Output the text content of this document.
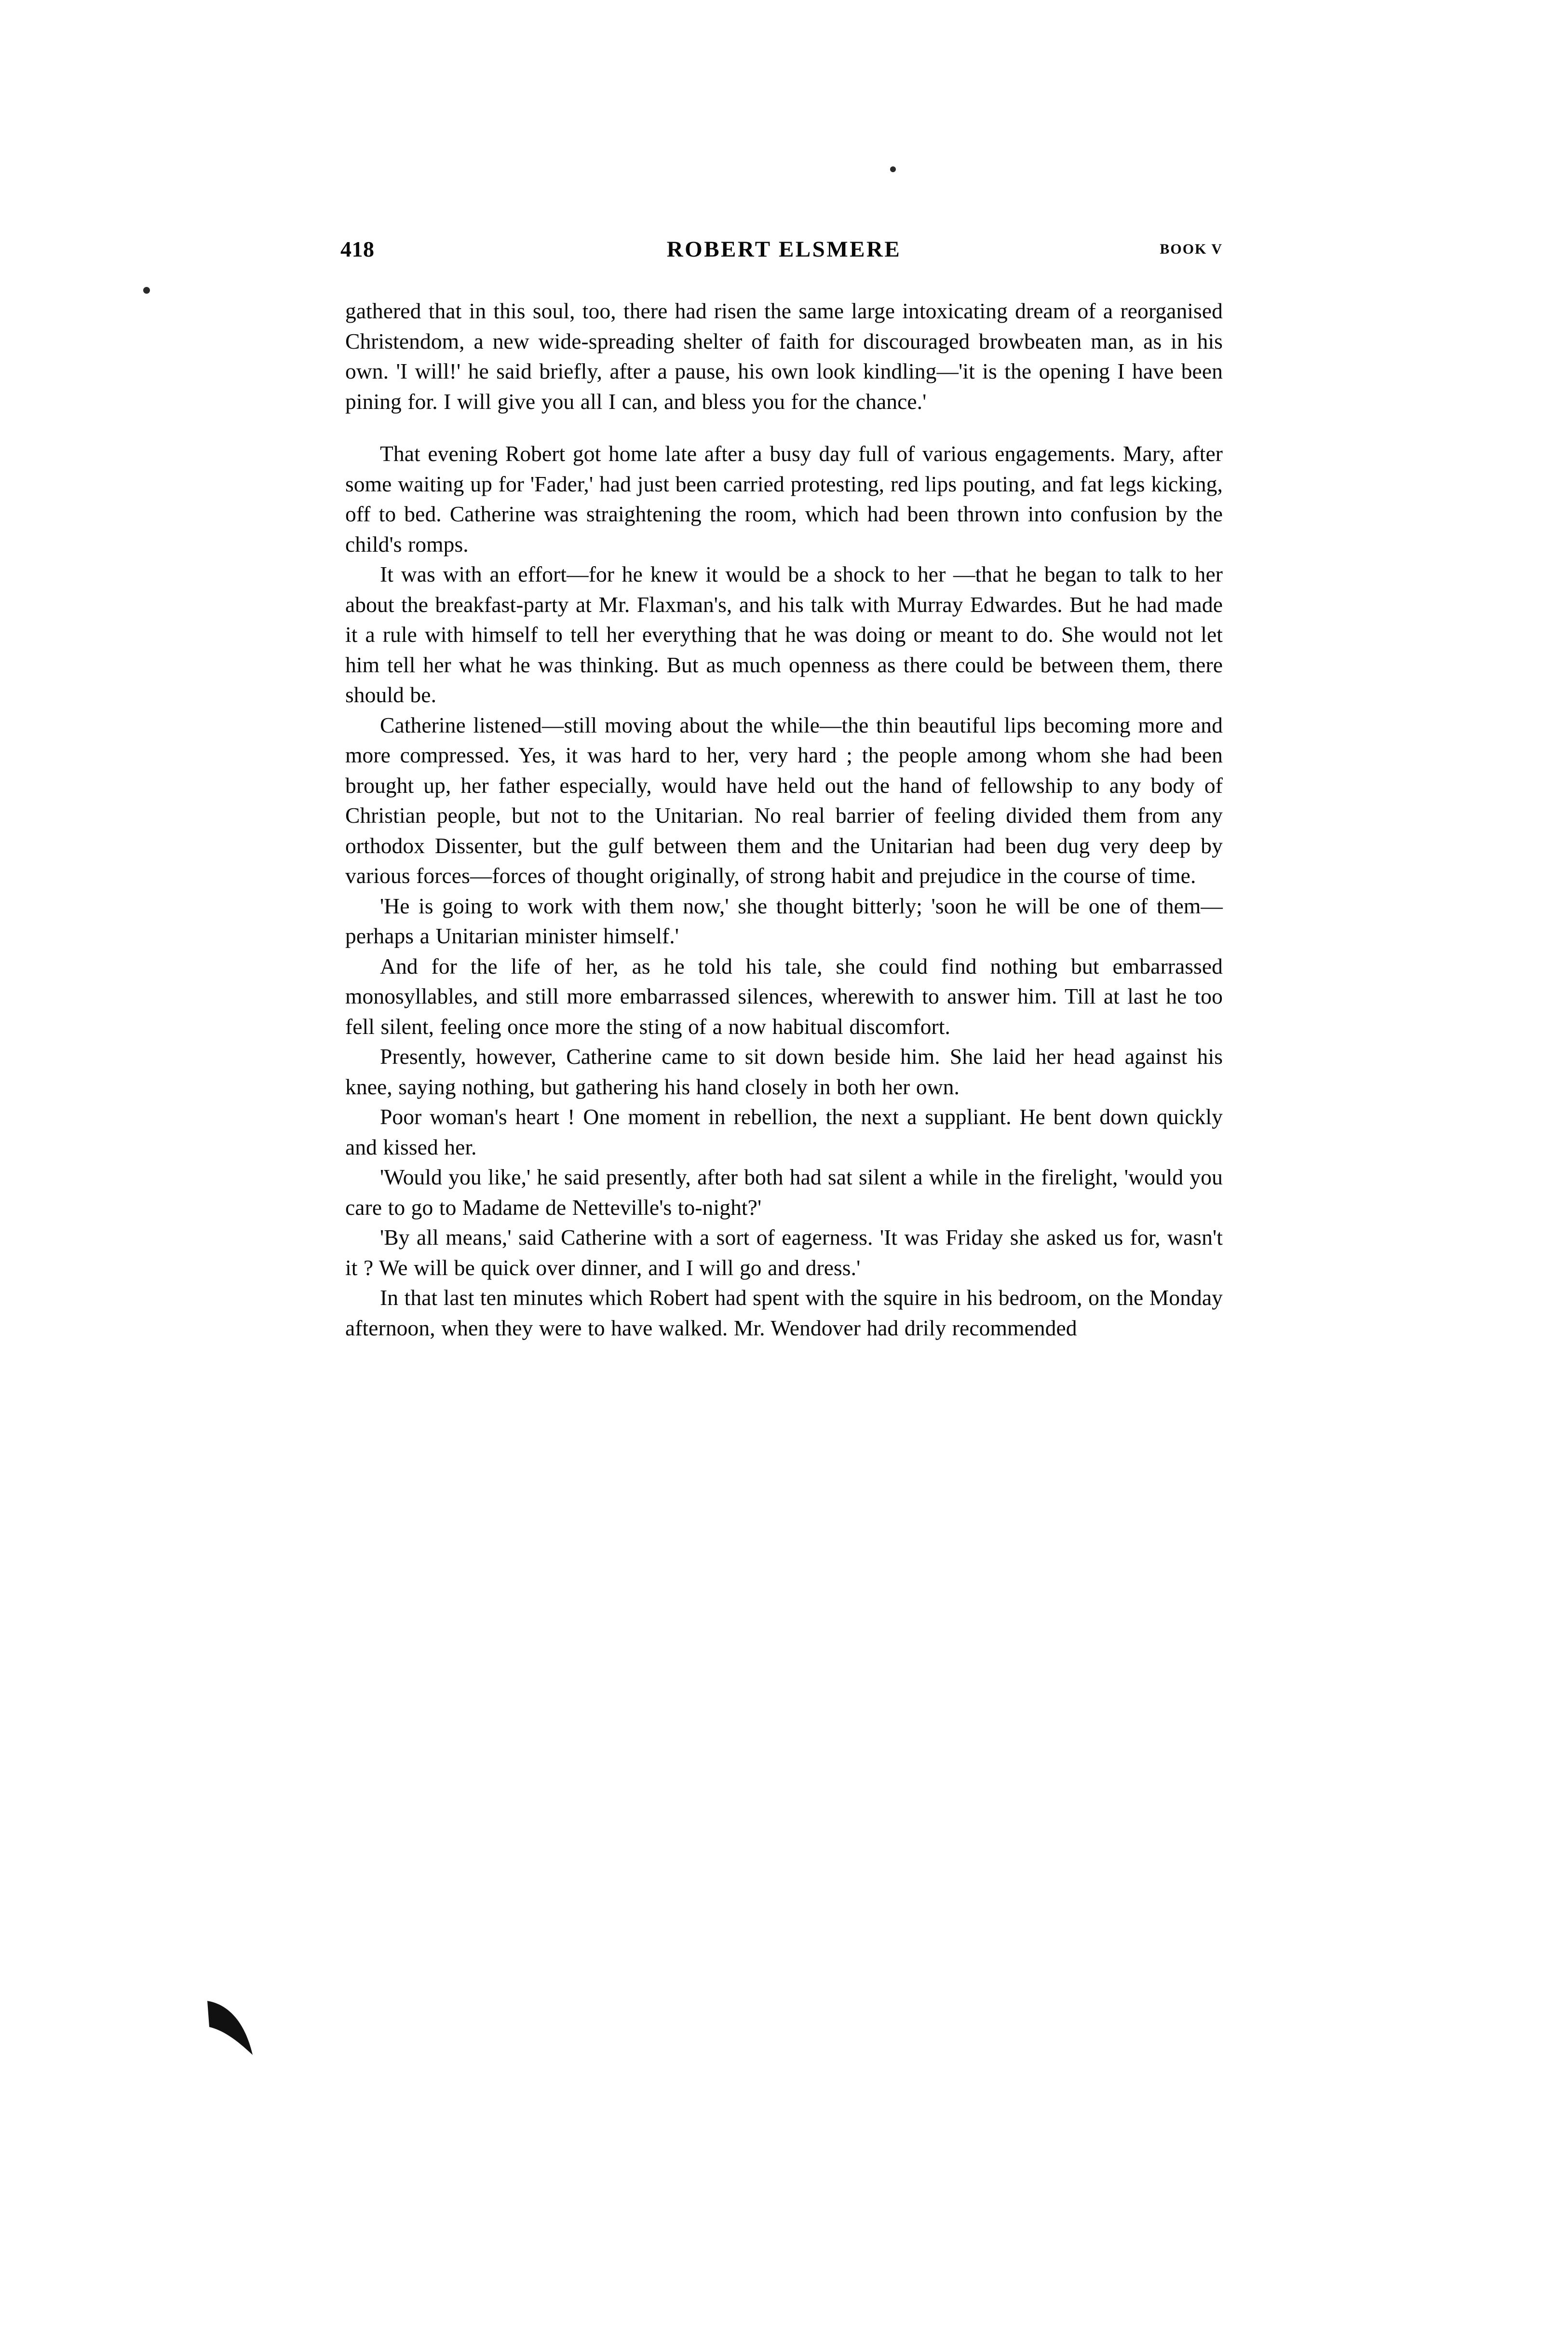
418	ROBERT ELSMERE	BOOK V

gathered that in this soul, too, there had risen the same large intoxicating dream of a reorganised Christendom, a new wide-spreading shelter of faith for discouraged browbeaten man, as in his own. 'I will!' he said briefly, after a pause, his own look kindling—'it is the opening I have been pining for. I will give you all I can, and bless you for the chance.'

That evening Robert got home late after a busy day full of various engagements. Mary, after some waiting up for 'Fader,' had just been carried protesting, red lips pouting, and fat legs kicking, off to bed. Catherine was straightening the room, which had been thrown into confusion by the child's romps.

It was with an effort—for he knew it would be a shock to her —that he began to talk to her about the breakfast-party at Mr. Flaxman's, and his talk with Murray Edwardes. But he had made it a rule with himself to tell her everything that he was doing or meant to do. She would not let him tell her what he was thinking. But as much openness as there could be between them, there should be.

Catherine listened—still moving about the while—the thin beautiful lips becoming more and more compressed. Yes, it was hard to her, very hard ; the people among whom she had been brought up, her father especially, would have held out the hand of fellowship to any body of Christian people, but not to the Unitarian. No real barrier of feeling divided them from any orthodox Dissenter, but the gulf between them and the Unitarian had been dug very deep by various forces—forces of thought originally, of strong habit and prejudice in the course of time.

'He is going to work with them now,' she thought bitterly; 'soon he will be one of them—perhaps a Unitarian minister himself.'

And for the life of her, as he told his tale, she could find nothing but embarrassed monosyllables, and still more embarrassed silences, wherewith to answer him. Till at last he too fell silent, feeling once more the sting of a now habitual discomfort.

Presently, however, Catherine came to sit down beside him. She laid her head against his knee, saying nothing, but gathering his hand closely in both her own.

Poor woman's heart ! One moment in rebellion, the next a suppliant. He bent down quickly and kissed her.

'Would you like,' he said presently, after both had sat silent a while in the firelight, 'would you care to go to Madame de Netteville's to-night?'

'By all means,' said Catherine with a sort of eagerness. 'It was Friday she asked us for, wasn't it ? We will be quick over dinner, and I will go and dress.'

In that last ten minutes which Robert had spent with the squire in his bedroom, on the Monday afternoon, when they were to have walked. Mr. Wendover had drily recommended
